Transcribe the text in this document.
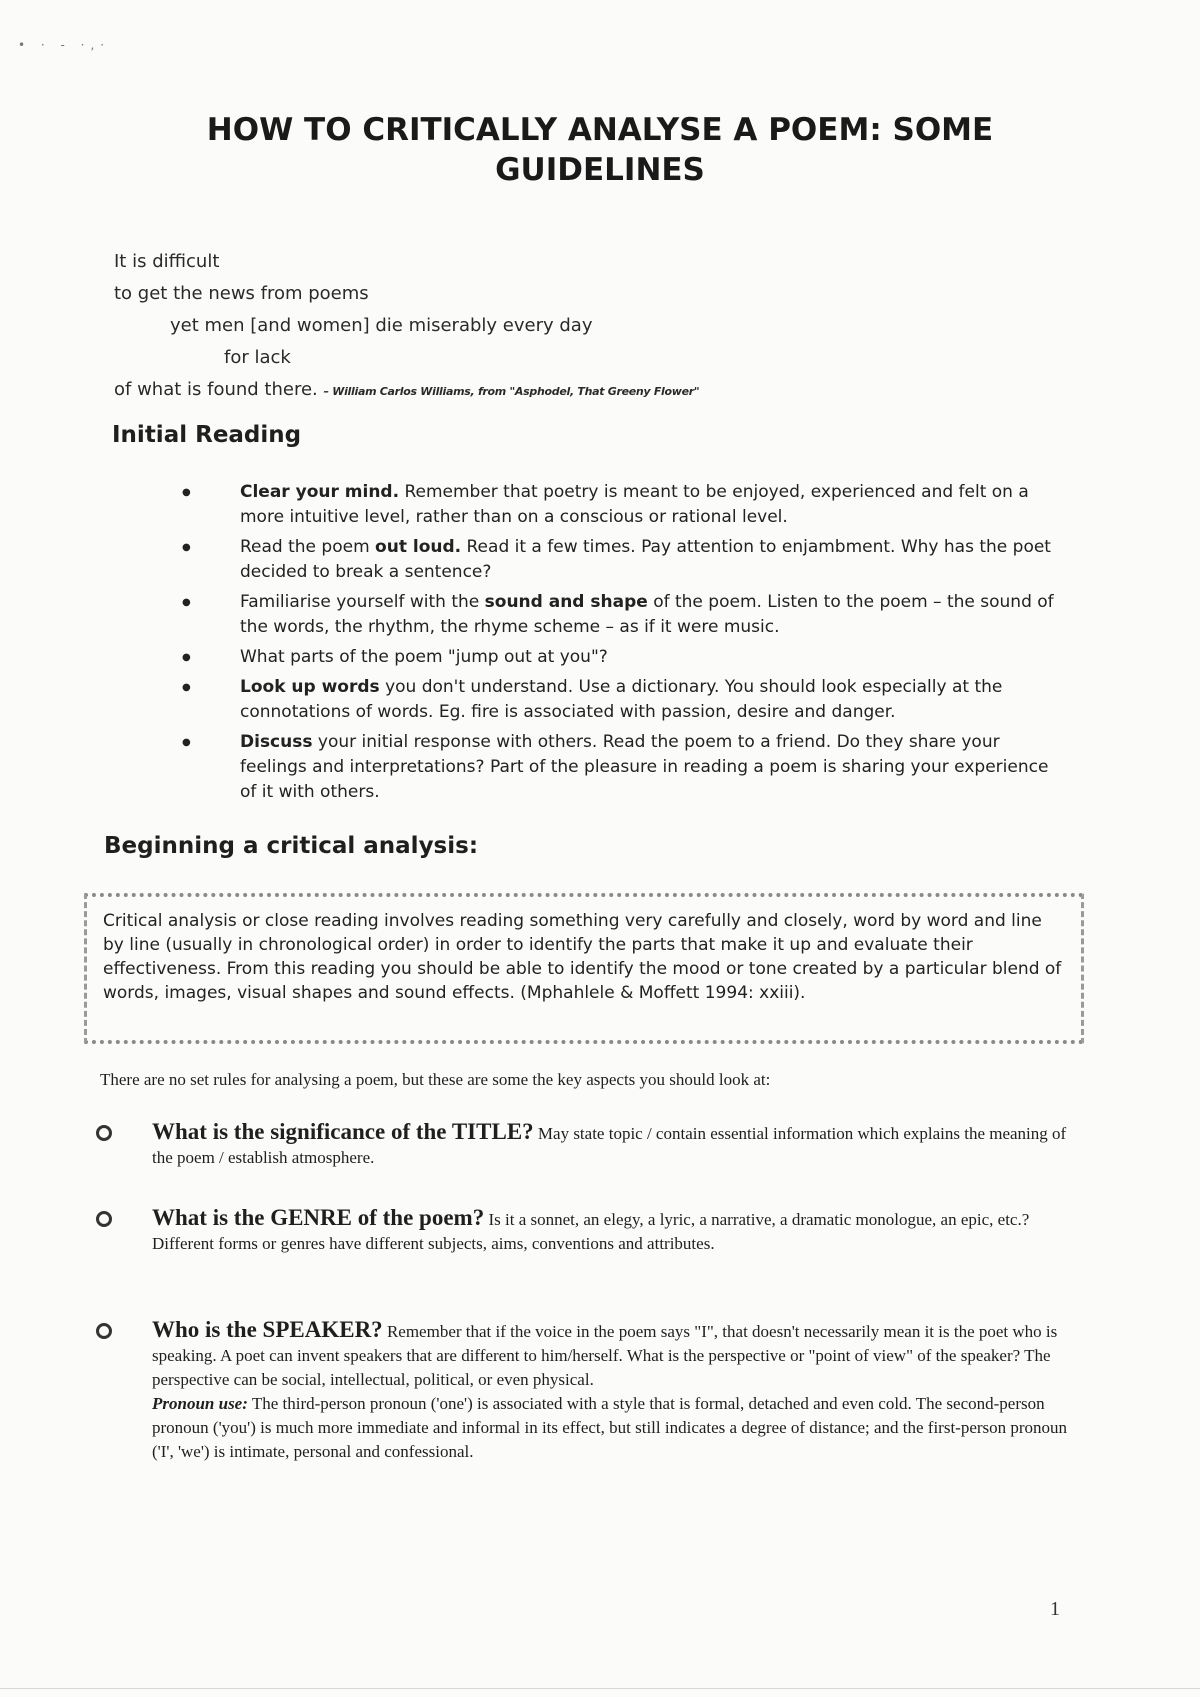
• · - ·,·
HOW TO CRITICALLY ANALYSE A POEM: SOME GUIDELINES
It is difficult
to get the news from poems
yet men [and women] die miserably every day
for lack
of what is found there. – William Carlos Williams, from "Asphodel, That Greeny Flower"
Initial Reading
● Clear your mind. Remember that poetry is meant to be enjoyed, experienced and felt on a more intuitive level, rather than on a conscious or rational level.
● Read the poem out loud. Read it a few times. Pay attention to enjambment. Why has the poet decided to break a sentence?
● Familiarise yourself with the sound and shape of the poem. Listen to the poem – the sound of the words, the rhythm, the rhyme scheme – as if it were music.
● What parts of the poem "jump out at you"?
● Look up words you don't understand. Use a dictionary. You should look especially at the connotations of words. Eg. fire is associated with passion, desire and danger.
● Discuss your initial response with others. Read the poem to a friend. Do they share your feelings and interpretations? Part of the pleasure in reading a poem is sharing your experience of it with others.
Beginning a critical analysis:
Critical analysis or close reading involves reading something very carefully and closely, word by word and line by line (usually in chronological order) in order to identify the parts that make it up and evaluate their effectiveness. From this reading you should be able to identify the mood or tone created by a particular blend of words, images, visual shapes and sound effects. (Mphahlele & Moffett 1994: xxiii).
There are no set rules for analysing a poem, but these are some the key aspects you should look at:
What is the significance of the TITLE? May state topic / contain essential information which explains the meaning of the poem / establish atmosphere.
What is the GENRE of the poem? Is it a sonnet, an elegy, a lyric, a narrative, a dramatic monologue, an epic, etc.? Different forms or genres have different subjects, aims, conventions and attributes.
Who is the SPEAKER? Remember that if the voice in the poem says "I", that doesn't necessarily mean it is the poet who is speaking. A poet can invent speakers that are different to him/herself. What is the perspective or "point of view" of the speaker? The perspective can be social, intellectual, political, or even physical.
Pronoun use: The third-person pronoun ('one') is associated with a style that is formal, detached and even cold. The second-person pronoun ('you') is much more immediate and informal in its effect, but still indicates a degree of distance; and the first-person pronoun ('I', 'we') is intimate, personal and confessional.
1
